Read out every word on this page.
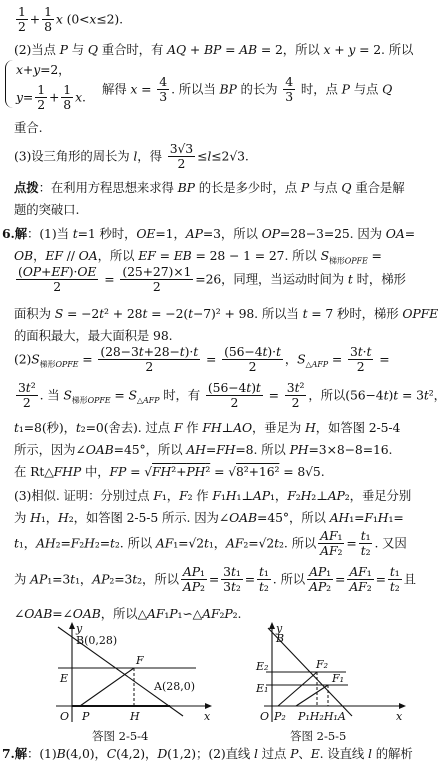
$\frac{1}{2} + \frac{1}{8}$ x (0<x≤2).
(2)当点 P 与 Q 重合时，有 AQ + BP = AB = 2，所以 x + y = 2. 所以
x+y=2，
$y= \frac{1}{2} + \frac{1}{8} x$.
解得 $x = \frac{4}{3}$ . 所以当 BP 的长为 $\frac{4}{3}$ 时，点 P 与点 Q
重合.
(3)设三角形的周长为 l，得 $\frac{3√3}{2} \le l\le 2√3$.
点拨：在利用方程思想来求得 BP 的长是多少时，点 P 与点 Q 重合是解
题的突破口.
6.解：(1)当 t=1 秒时，OE=1，AP=3，所以 OP=28−3=25. 因为 OA=
OB，EF // OA，所以 EF = EB = 28 − 1 = 27. 所以 $S_{梯形OPFE}$ =
$\frac{(OP+EF)\cdot OE}{2} = \frac{(25+27)\times 1}{2} =26$，同理，当运动时间为 t 时，梯形
面积为 S = −2t² + 28t = −2(t−7)² + 98. 所以当 t = 7 秒时，梯形 OPFE
的面积最大，最大面积是 98.
$(2)S_{梯形OPFE} = \frac{(28-3t+28-t)\cdot t}{2} = \frac{(56-4t)\cdot t}{2}$ ，$S_{\triangle AFP} = \frac{3t\cdot t}{2}$ =
$\frac{\text{3t²}}{2}$ . 当 $S_{梯形OPFE} = S_{\triangle AFP}$ 时，有 $\frac{(56-4t)t}{2} = \frac{\text{3t²}}{2}$ ，所以(56−4t)t = 3t²，
t₁=8(秒)，t₂=0(舍去). 过点 F 作 FH⊥AO，垂足为 H，如答图 2-5-4
所示，因为∠OAB=45°，所以 AH=FH=8. 所以 PH=3×8−8=16.
在 Rt△FHP 中，FP = √FH²+PH² = √8²+16² = 8√5.
(3)相似. 证明：分别过点 F₁，F₂ 作 F₁H₁⊥AP₁，F₂H₂⊥AP₂，垂足分别
为 H₁，H₂，如答图 2-5-5 所示. 因为∠OAB=45°，所以 AH₁=F₁H₁=
t₁，AH₂=F₂H₂=t₂. 所以 AF₁=√2t₁，AF₂=√2t₂. 所以 $\frac{\text{AF₁}}{\text{AF₂}} = \frac{\text{t₁}}{\text{t₂}}$ . 又因
为 AP₁=3t₁，AP₂=3t₂，所以 $\frac{\text{AP₁}}{\text{AP₂}} = \frac{\text{3t₁}}{\text{3t₂}} = \frac{\text{t₁}}{\text{t₂}}$ . 所以 $\frac{\text{AP₁}}{\text{AP₂}} = \frac{\text{AF₁}}{\text{AF₂}} = \frac{\text{t₁}}{\text{t₂}}$ 且
∠OAB=∠OAB，所以△AF₁P₁∽△AF₂P₂.
y
B(0,28)
F
E
A(28,0)
O P	H	x
答图 2-5-4
y
B
E₂
E₁
F₂
F₁
O P₂ P₁H₂H₁A	x
答图 2-5-5
7.解：(1)B(4,0)，C(4,2)，D(1,2)；(2)直线 l 过点 P、E. 设直线 l 的解析
